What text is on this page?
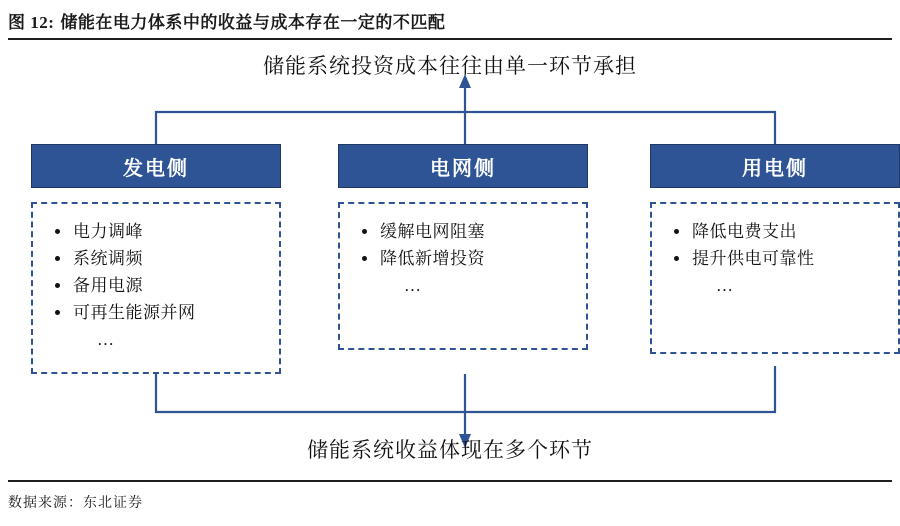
图 12: 储能在电力体系中的收益与成本存在一定的不匹配
储能系统投资成本往往由单一环节承担
发电侧
电力调峰
系统调频
备用电源
可再生能源并网
…
电网侧
缓解电网阻塞
降低新增投资
…
用电侧
降低电费支出
提升供电可靠性
…
储能系统收益体现在多个环节
数据来源：东北证券
